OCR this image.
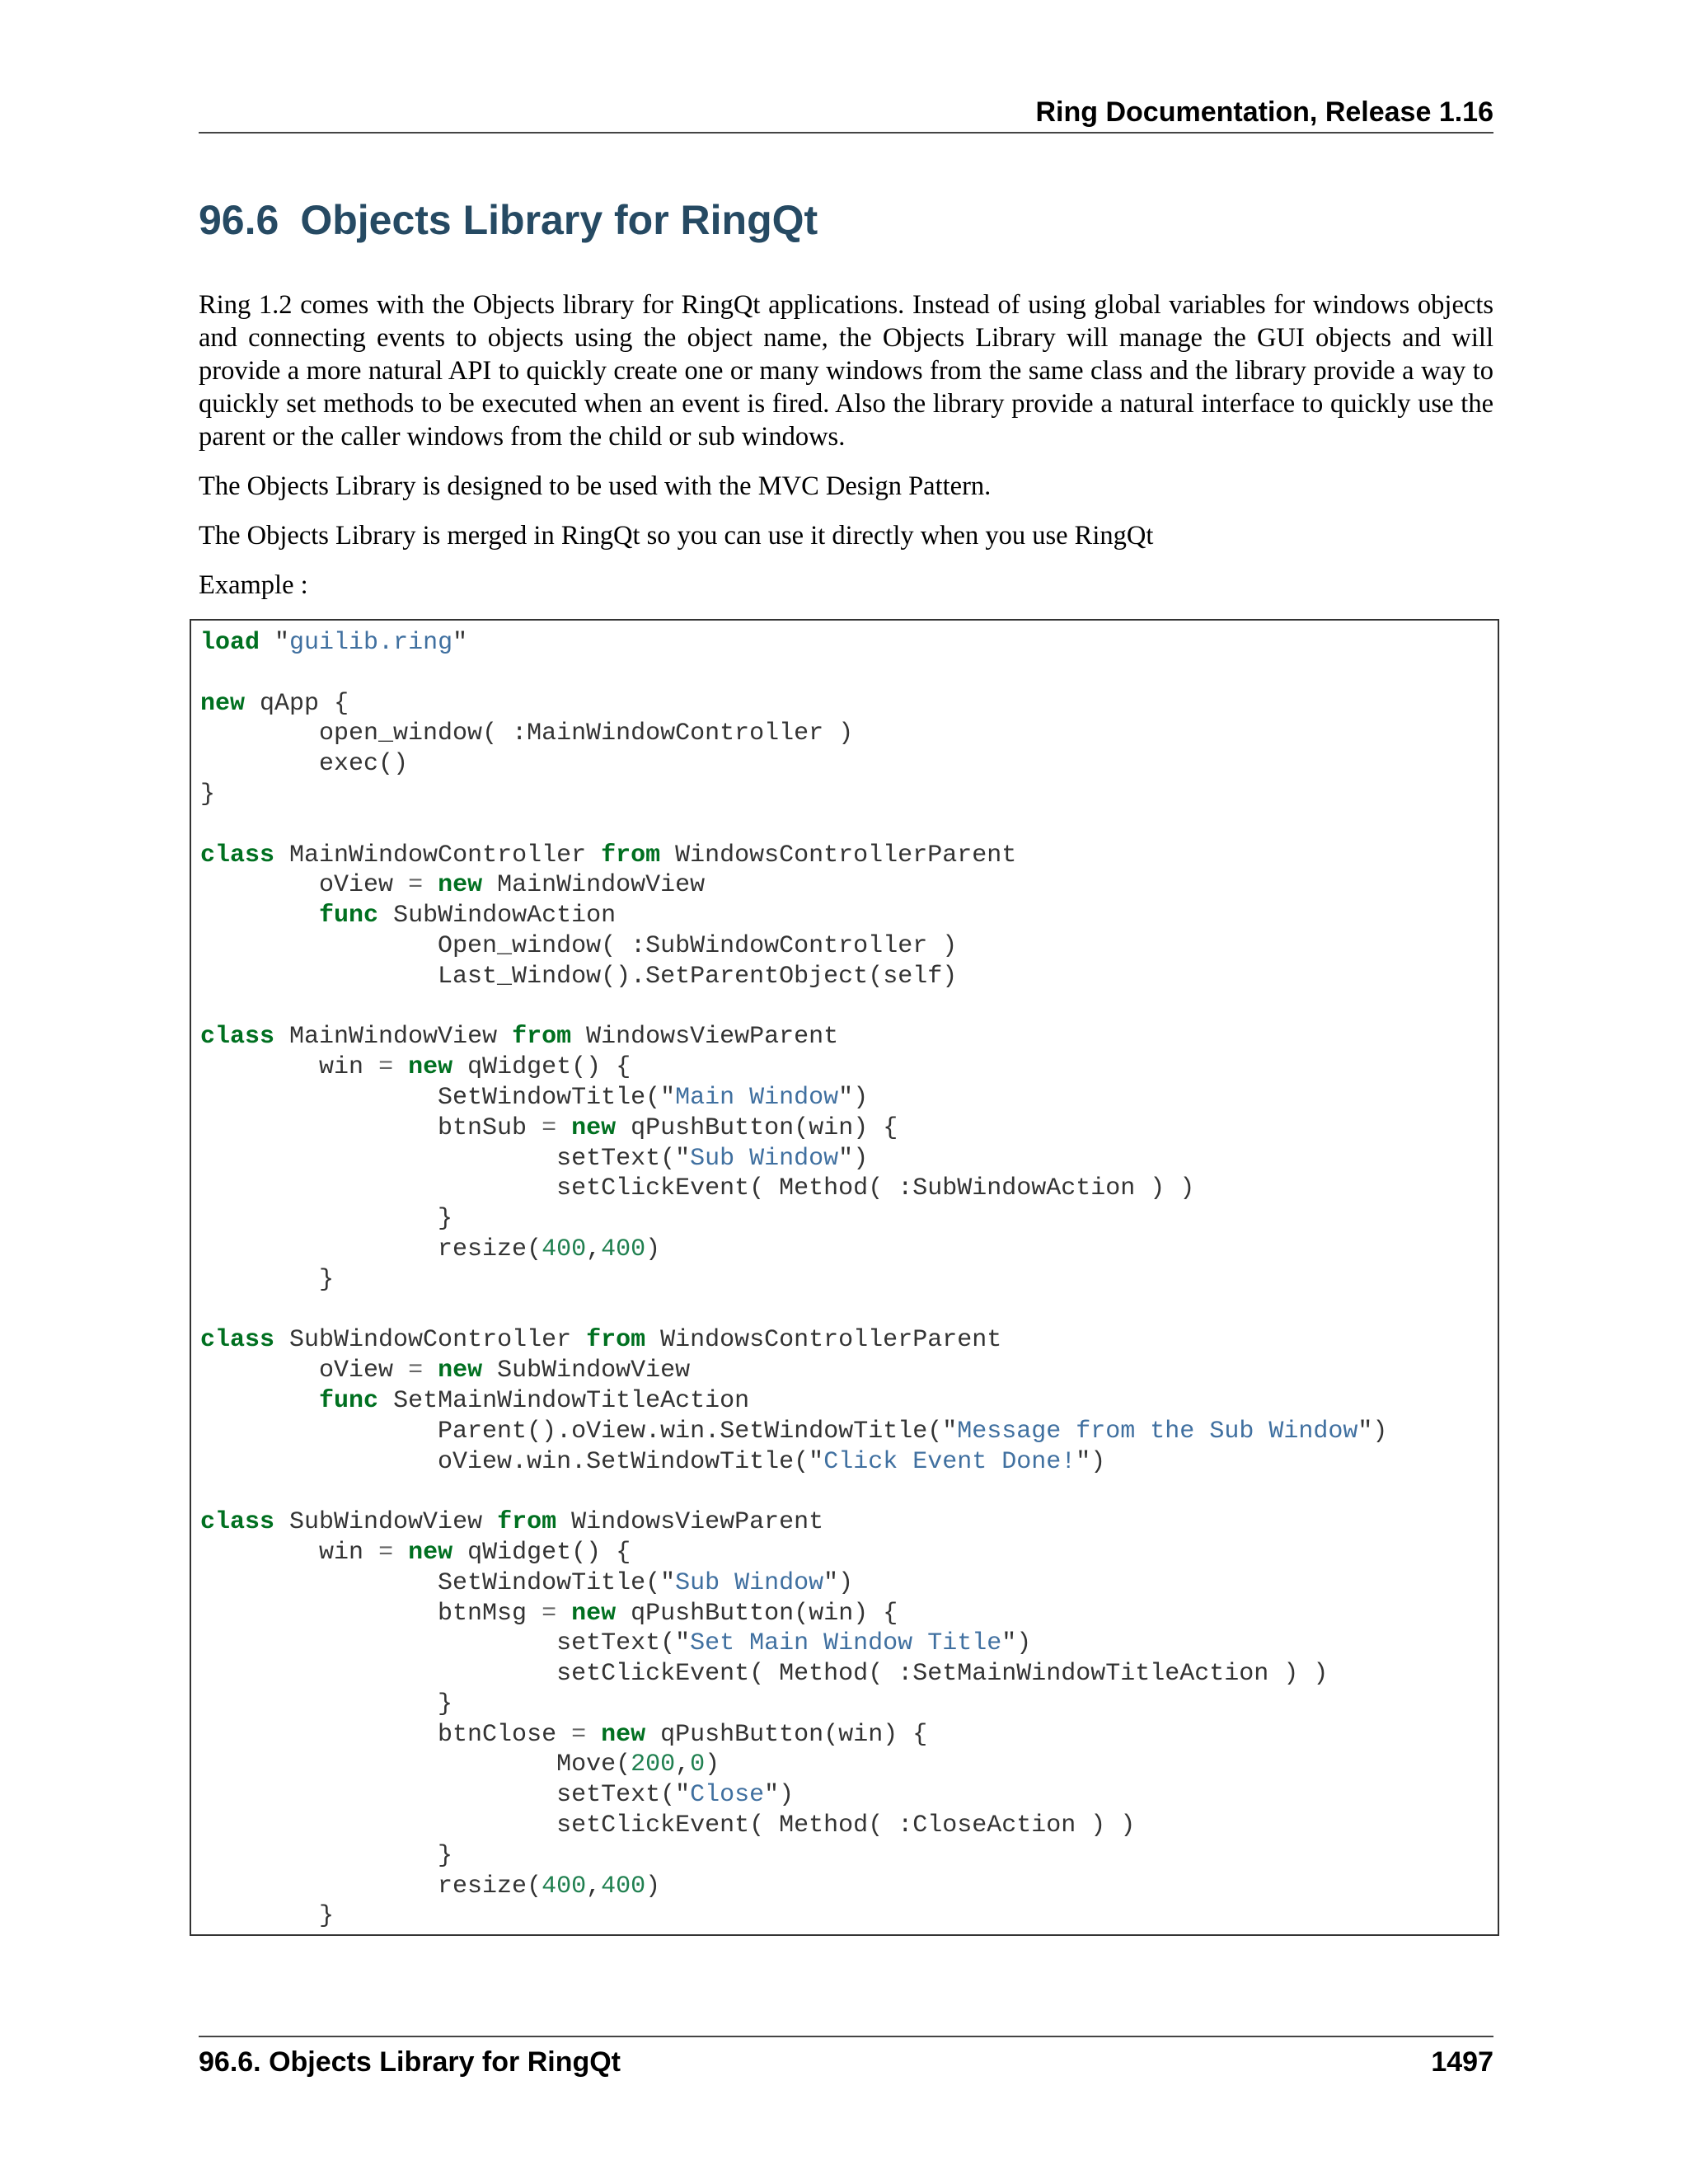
Ring Documentation, Release 1.16
96.6 Objects Library for RingQt

Ring 1.2 comes with the Objects library for RingQt applications. Instead of using global variables for windows objects and connecting events to objects using the object name, the Objects Library will manage the GUI objects and will provide a more natural API to quickly create one or many windows from the same class and the library provide a way to quickly set methods to be executed when an event is fired. Also the library provide a natural interface to quickly use the parent or the caller windows from the child or sub windows.

The Objects Library is designed to be used with the MVC Design Pattern.

The Objects Library is merged in RingQt so you can use it directly when you use RingQt

Example :

load "guilib.ring"

new qApp {
open_window( :MainWindowController )
exec()
}

class MainWindowController from WindowsControllerParent
oView = new MainWindowView
func SubWindowAction
Open_window( :SubWindowController )
Last_Window().SetParentObject(self)

class MainWindowView from WindowsViewParent
win = new qWidget() {
SetWindowTitle("Main Window")
btnSub = new qPushButton(win) {
setText("Sub Window")
setClickEvent( Method( :SubWindowAction ) )
}
resize(400,400)
}

class SubWindowController from WindowsControllerParent
oView = new SubWindowView
func SetMainWindowTitleAction
Parent().oView.win.SetWindowTitle("Message from the Sub Window")
oView.win.SetWindowTitle("Click Event Done!")

class SubWindowView from WindowsViewParent
win = new qWidget() {
SetWindowTitle("Sub Window")
btnMsg = new qPushButton(win) {
setText("Set Main Window Title")
setClickEvent( Method( :SetMainWindowTitleAction ) )
}
btnClose = new qPushButton(win) {
Move(200,0)
setText("Close")
setClickEvent( Method( :CloseAction ) )
}
resize(400,400)
}
96.6. Objects Library for RingQt	1497
